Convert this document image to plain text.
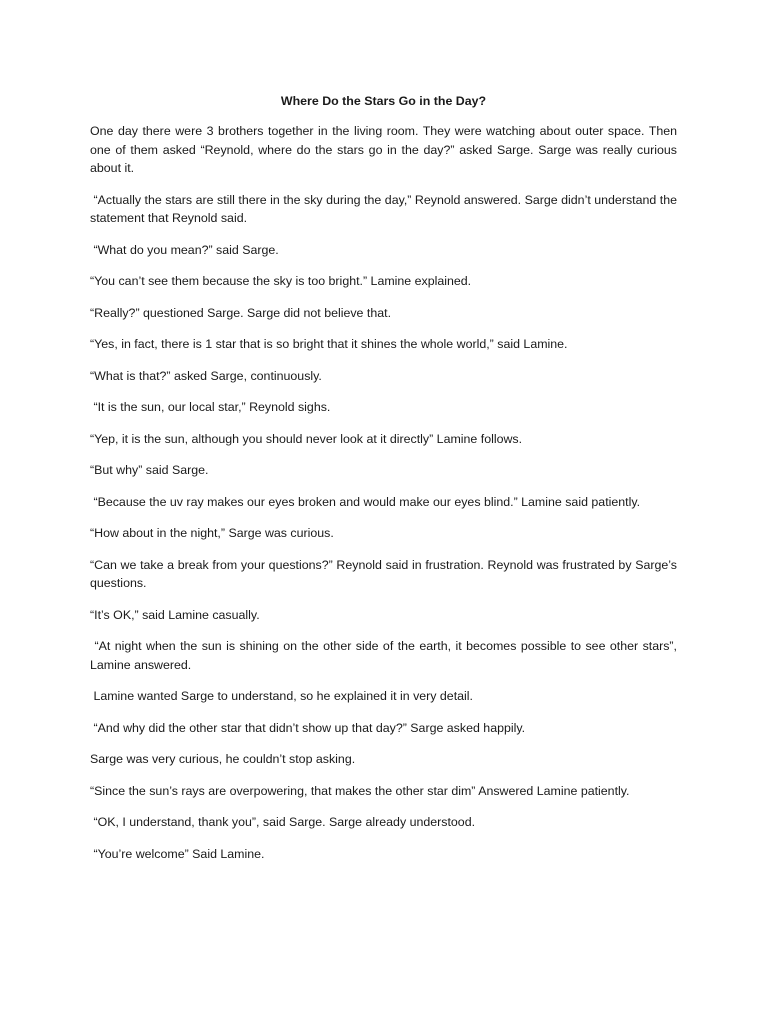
Where Do the Stars Go in the Day?

One day there were 3 brothers together in the living room. They were watching about outer space. Then one of them asked “Reynold, where do the stars go in the day?” asked Sarge. Sarge was really curious about it.

“Actually the stars are still there in the sky during the day,” Reynold answered. Sarge didn’t understand the statement that Reynold said.

“What do you mean?” said Sarge.

“You can’t see them because the sky is too bright.” Lamine explained.

“Really?” questioned Sarge. Sarge did not believe that.

“Yes, in fact, there is 1 star that is so bright that it shines the whole world,” said Lamine.

“What is that?” asked Sarge, continuously.

“It is the sun, our local star,” Reynold sighs.

“Yep, it is the sun, although you should never look at it directly” Lamine follows.

“But why” said Sarge.

“Because the uv ray makes our eyes broken and would make our eyes blind.” Lamine said patiently.

“How about in the night,” Sarge was curious.

“Can we take a break from your questions?” Reynold said in frustration. Reynold was frustrated by Sarge’s questions.

“It’s OK,” said Lamine casually.

“At night when the sun is shining on the other side of the earth, it becomes possible to see other stars”, Lamine answered.

Lamine wanted Sarge to understand, so he explained it in very detail.

“And why did the other star that didn’t show up that day?” Sarge asked happily.

Sarge was very curious, he couldn’t stop asking.

“Since the sun’s rays are overpowering, that makes the other star dim” Answered Lamine patiently.

“OK, I understand, thank you”, said Sarge. Sarge already understood.

“You’re welcome” Said Lamine.
